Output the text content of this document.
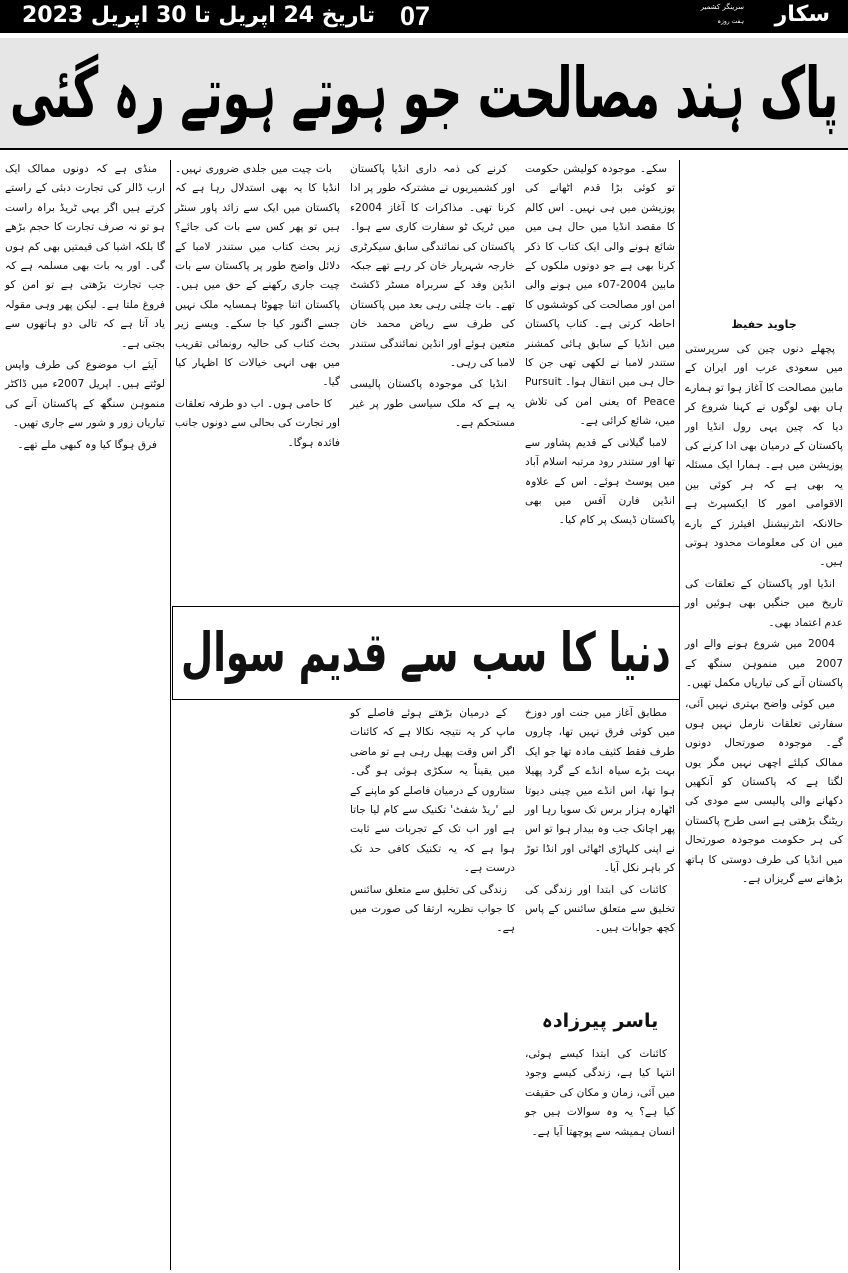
سکار
سرینگر کشمیر
ہفت روزہ
07
تاریخ 24 اپریل تا 30 اپریل 2023
پاک ہند مصالحت جو ہوتے ہوتے رہ گئی
جاوید حفیظ

پچھلے دنوں چین کی سرپرستی میں سعودی عرب اور ایران کے مابین مصالحت کا آغاز ہوا تو ہمارے ہاں بھی لوگوں نے کہنا شروع کر دیا کہ چین یہی رول انڈیا اور پاکستان کے درمیان بھی ادا کرنے کی پوزیشن میں ہے۔ ہمارا ایک مسئلہ یہ بھی ہے کہ ہر کوئی بین الاقوامی امور کا ایکسپرٹ ہے حالانکہ انٹرنیشنل افیئرز کے بارے میں ان کی معلومات محدود ہوتی ہیں۔

انڈیا اور پاکستان کے تعلقات کی تاریخ میں جنگیں بھی ہوئیں اور عدم اعتماد بھی۔

2004 میں شروع ہونے والے اور 2007 میں منموہن سنگھ کے پاکستان آنے کی تیاریاں مکمل تھیں۔

میں کوئی واضح بہتری نہیں آئی، سفارتی تعلقات نارمل نہیں ہوں گے۔ موجودہ صورتحال دونوں ممالک کیلئے اچھی نہیں مگر یوں لگتا ہے کہ پاکستان کو آنکھیں دکھانے والی پالیسی سے مودی کی ریٹنگ بڑھتی ہے اسی طرح پاکستان کی ہر حکومت موجودہ صورتحال میں انڈیا کی طرف دوستی کا ہاتھ بڑھانے سے گریزاں ہے۔

سکے۔ موجودہ کولیشن حکومت تو کوئی بڑا قدم اٹھانے کی پوزیشن میں ہی نہیں۔ اس کالم کا مقصد انڈیا میں حال ہی میں شائع ہونے والی ایک کتاب کا ذکر کرنا بھی ہے جو دونوں ملکوں کے مابین 2004-07ء میں ہونے والی امن اور مصالحت کی کوششوں کا احاطہ کرتی ہے۔ کتاب پاکستان میں انڈیا کے سابق ہائی کمشنر ستندر لامبا نے لکھی تھی جن کا حال ہی میں انتقال ہوا۔ Pursuit of Peace یعنی امن کی تلاش میں، شائع کرائی ہے۔

لامبا گیلانی کے قدیم پشاور سے تھا اور ستندر رود مرتبہ اسلام آباد میں پوسٹ ہوئے۔ اس کے علاوہ انڈین فارن آفس میں بھی پاکستان ڈیسک پر کام کیا۔

کرنے کی ذمہ داری انڈیا پاکستان اور کشمیریوں نے مشترکہ طور پر ادا کرنا تھی۔ مذاکرات کا آغاز 2004ء میں ٹریک ٹو سفارت کاری سے ہوا۔ پاکستان کی نمائندگی سابق سیکرٹری خارجہ شہریار خان کر رہے تھے جبکہ انڈین وفد کے سربراہ مسٹر ڈکشٹ تھے۔ بات چلتی رہی بعد میں پاکستان کی طرف سے ریاض محمد خان متعین ہوئے اور انڈین نمائندگی ستندر لامبا کی رہی۔

انڈیا کی موجودہ پاکستان پالیسی یہ ہے کہ ملک سیاسی طور پر غیر مستحکم ہے۔

بات چیت میں جلدی ضروری نہیں۔ انڈیا کا یہ بھی استدلال رہا ہے کہ پاکستان میں ایک سے زائد پاور سنٹر ہیں تو پھر کس سے بات کی جائے؟ زیر بحث کتاب میں ستندر لامبا کے دلائل واضح طور پر پاکستان سے بات چیت جاری رکھنے کے حق میں ہیں۔ پاکستان اتنا چھوٹا ہمسایہ ملک نہیں جسے اگنور کیا جا سکے۔ ویسے زیر بحث کتاب کی حالیہ رونمائی تقریب میں بھی انہی خیالات کا اظہار کیا گیا۔

کا حامی ہوں۔ اب دو طرفہ تعلقات اور تجارت کی بحالی سے دونوں جانب فائدہ ہوگا۔

منڈی ہے کہ دونوں ممالک ایک ارب ڈالر کی تجارت دبئی کے راستے کرتے ہیں اگر یہی ٹریڈ براہ راست ہو تو نہ صرف تجارت کا حجم بڑھے گا بلکہ اشیا کی قیمتیں بھی کم ہوں گی۔ اور یہ بات بھی مسلمہ ہے کہ جب تجارت بڑھتی ہے تو امن کو فروغ ملتا ہے۔ لیکن پھر وہی مقولہ یاد آتا ہے کہ تالی دو ہاتھوں سے بجتی ہے۔

آیئے اب موضوع کی طرف واپس لوٹتے ہیں۔ اپریل 2007ء میں ڈاکٹر منموہن سنگھ کے پاکستان آنے کی تیاریاں زور و شور سے جاری تھیں۔

فرق ہوگا کیا وہ کبھی ملے تھے۔

دنیا کا سب سے قدیم سوال

مطابق آغاز میں جنت اور دوزخ میں کوئی فرق نہیں تھا، چاروں طرف فقط کثیف مادہ تھا جو ایک بہت بڑے سیاہ انڈے کے گرد پھیلا ہوا تھا، اس انڈے میں چینی دیوتا اٹھارہ ہزار برس تک سویا رہا اور پھر اچانک جب وہ بیدار ہوا تو اس نے اپنی کلہاڑی اٹھائی اور انڈا توڑ کر باہر نکل آیا۔

کائنات کی ابتدا اور زندگی کی تخلیق سے متعلق سائنس کے پاس کچھ جوابات ہیں۔

یاسر پیرزادہ

کائنات کی ابتدا کیسے ہوئی، انتہا کیا ہے، زندگی کیسے وجود میں آئی، زمان و مکان کی حقیقت کیا ہے؟ یہ وہ سوالات ہیں جو انسان ہمیشہ سے پوچھتا آیا ہے۔

کے درمیان بڑھتے ہوئے فاصلے کو ماپ کر یہ نتیجہ نکالا ہے کہ کائنات اگر اس وقت پھیل رہی ہے تو ماضی میں یقیناً یہ سکڑی ہوئی ہو گی۔ ستاروں کے درمیان فاصلے کو ماپنے کے لیے 'ریڈ شفٹ' تکنیک سے کام لیا جاتا ہے اور اب تک کے تجربات سے ثابت ہوا ہے کہ یہ تکنیک کافی حد تک درست ہے۔

زندگی کی تخلیق سے متعلق سائنس کا جواب نظریہ ارتقا کی صورت میں ہے۔
